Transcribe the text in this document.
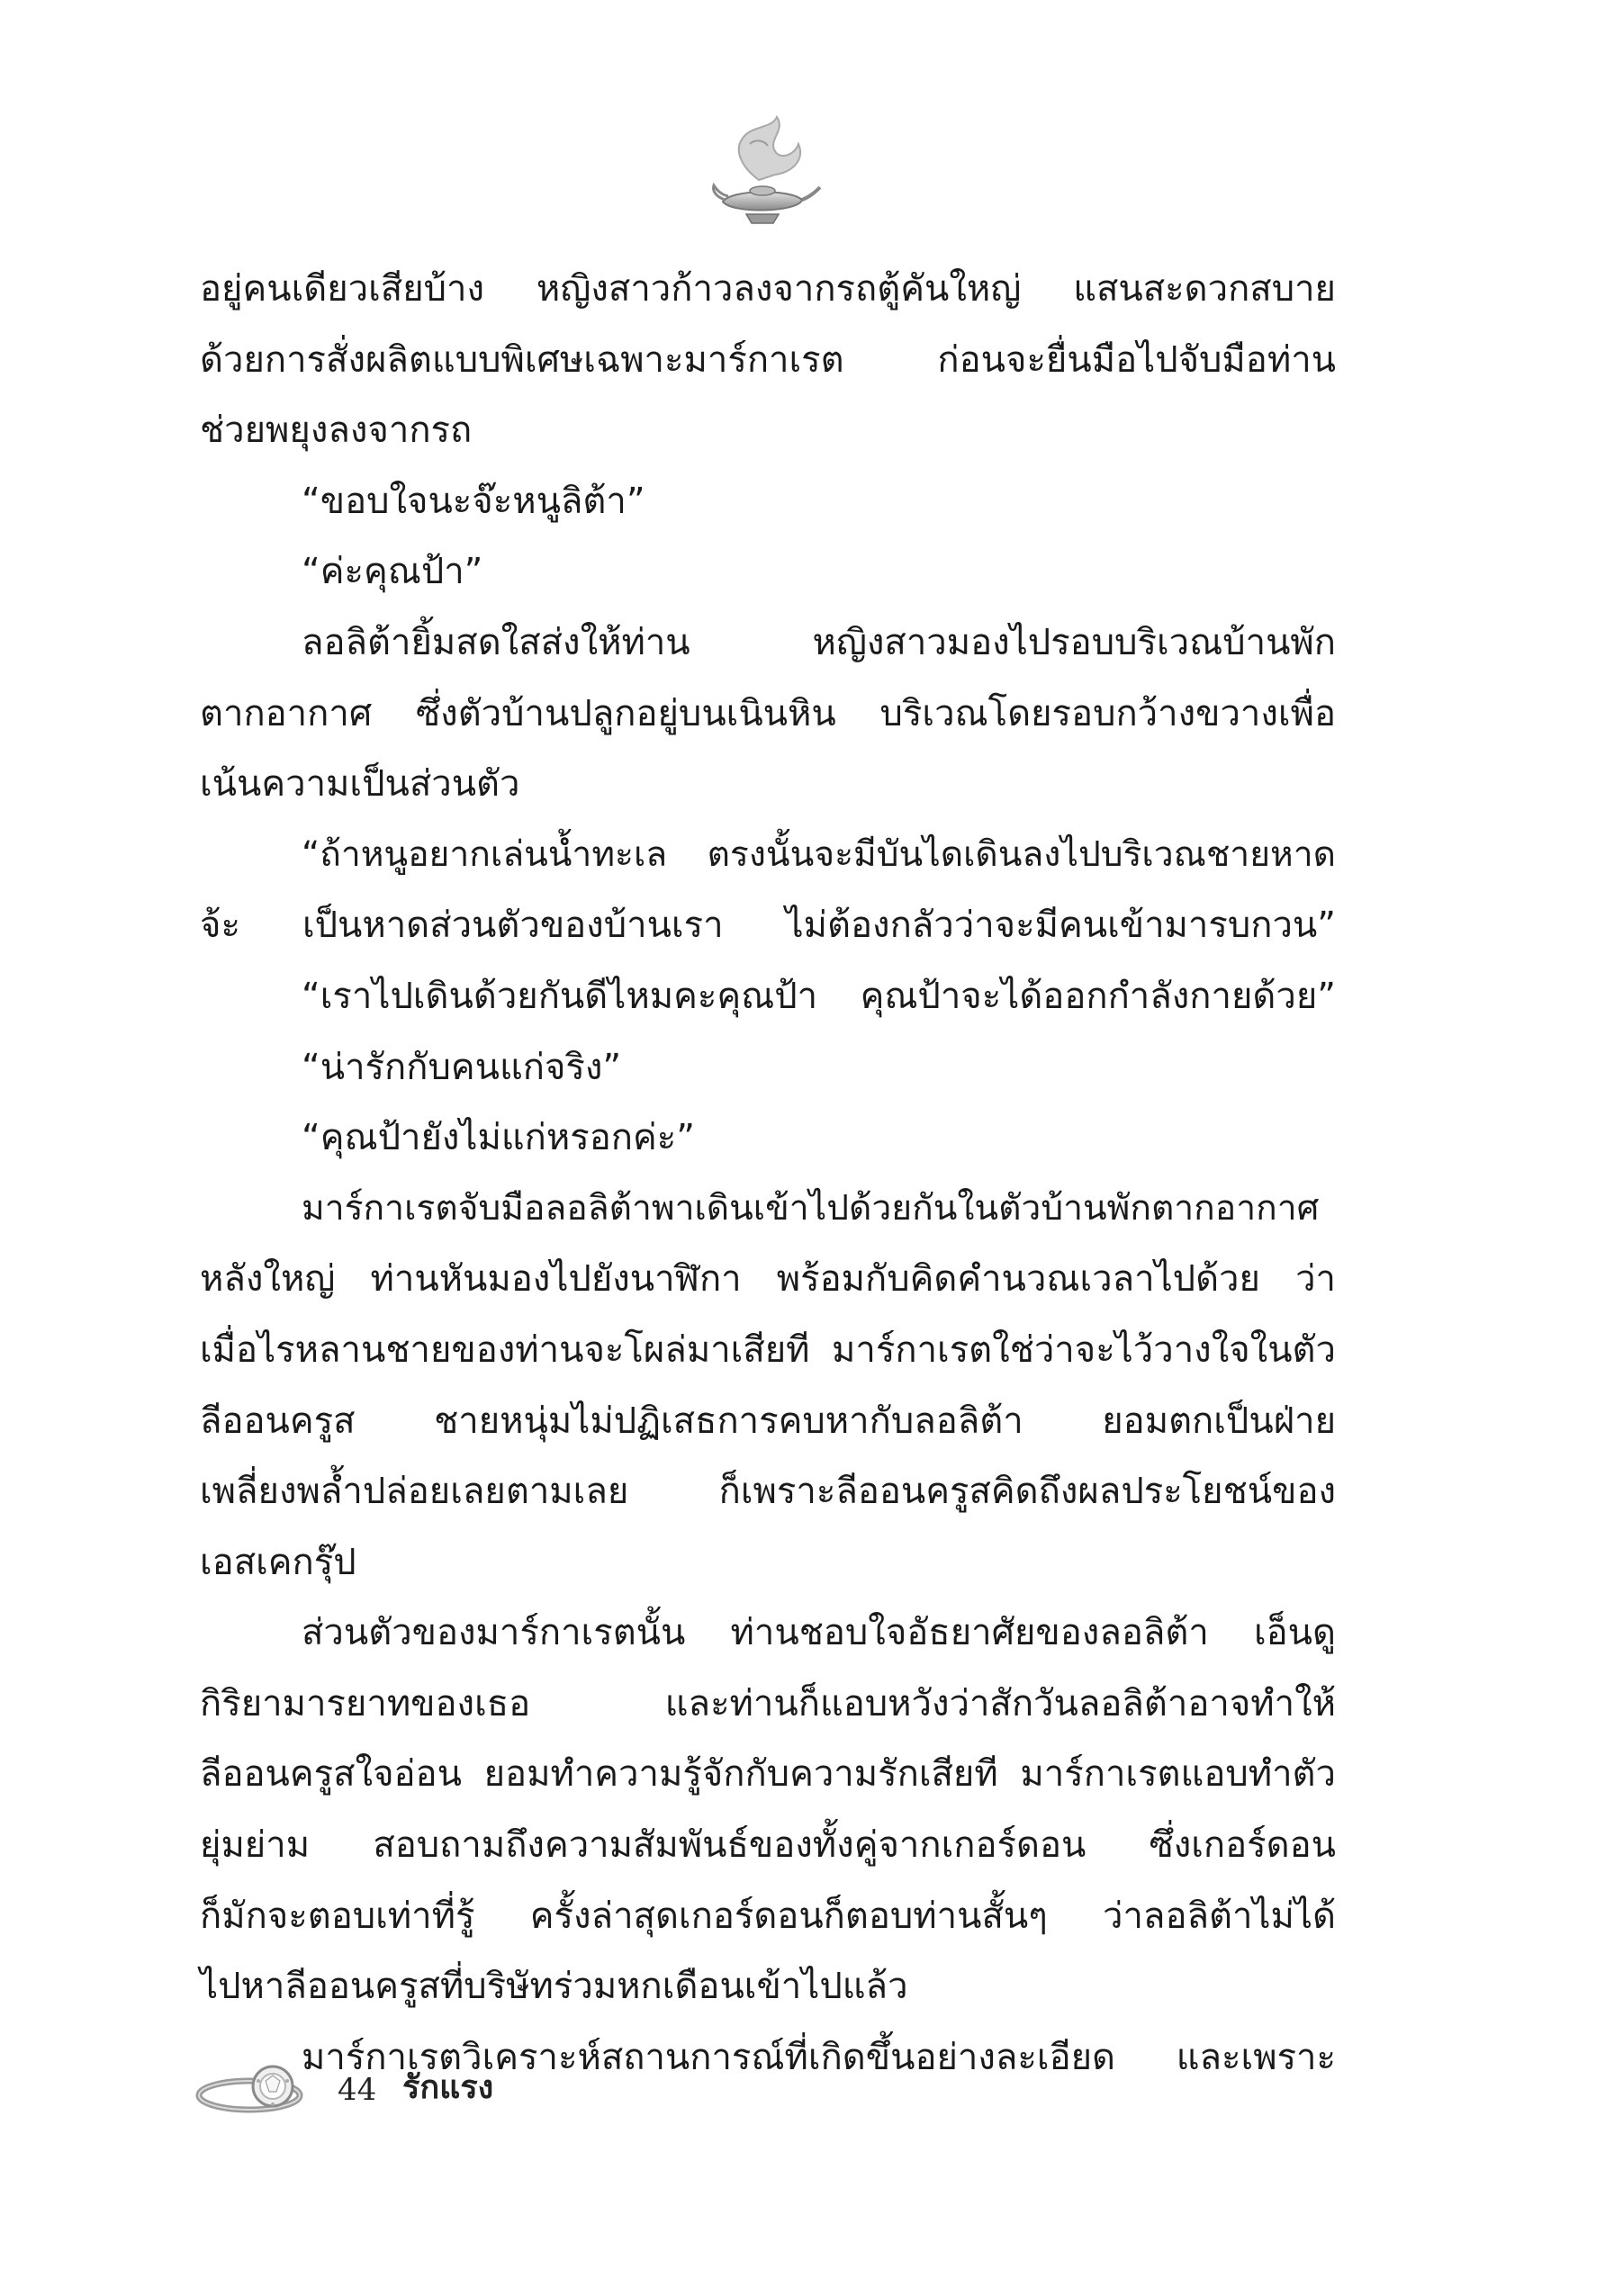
อยู่คนเดียวเสียบ้าง หญิงสาวก้าวลงจากรถตู้คันใหญ่ แสนสะดวกสบาย
ด้วยการสั่งผลิตแบบพิเศษเฉพาะมาร์กาเรต ก่อนจะยื่นมือไปจับมือท่าน
ช่วยพยุงลงจากรถ
“ขอบใจนะจ๊ะหนูลิต้า”
“ค่ะคุณป้า”
ลอลิต้ายิ้มสดใสส่งให้ท่าน หญิงสาวมองไปรอบบริเวณบ้านพัก
ตากอากาศ ซึ่งตัวบ้านปลูกอยู่บนเนินหิน บริเวณโดยรอบกว้างขวางเพื่อ
เน้นความเป็นส่วนตัว
“ถ้าหนูอยากเล่นน้ำทะเล ตรงนั้นจะมีบันไดเดินลงไปบริเวณชายหาด
จ้ะ เป็นหาดส่วนตัวของบ้านเรา ไม่ต้องกลัวว่าจะมีคนเข้ามารบกวน”
“เราไปเดินด้วยกันดีไหมคะคุณป้า คุณป้าจะได้ออกกำลังกายด้วย”
“น่ารักกับคนแก่จริง”
“คุณป้ายังไม่แก่หรอกค่ะ”
มาร์กาเรตจับมือลอลิต้าพาเดินเข้าไปด้วยกันในตัวบ้านพักตากอากาศ
หลังใหญ่ ท่านหันมองไปยังนาฬิกา พร้อมกับคิดคำนวณเวลาไปด้วย ว่า
เมื่อไรหลานชายของท่านจะโผล่มาเสียที มาร์กาเรตใช่ว่าจะไว้วางใจในตัว
ลีออนครูส ชายหนุ่มไม่ปฏิเสธการคบหากับลอลิต้า ยอมตกเป็นฝ่าย
เพลี่ยงพล้ำปล่อยเลยตามเลย ก็เพราะลีออนครูสคิดถึงผลประโยชน์ของ
เอสเคกรุ๊ป
ส่วนตัวของมาร์กาเรตนั้น ท่านชอบใจอัธยาศัยของลอลิต้า เอ็นดู
กิริยามารยาทของเธอ และท่านก็แอบหวังว่าสักวันลอลิต้าอาจทำให้
ลีออนครูสใจอ่อน ยอมทำความรู้จักกับความรักเสียที มาร์กาเรตแอบทำตัว
ยุ่มย่าม สอบถามถึงความสัมพันธ์ของทั้งคู่จากเกอร์ดอน ซึ่งเกอร์ดอน
ก็มักจะตอบเท่าที่รู้ ครั้งล่าสุดเกอร์ดอนก็ตอบท่านสั้นๆ ว่าลอลิต้าไม่ได้
ไปหาลีออนครูสที่บริษัทร่วมหกเดือนเข้าไปแล้ว
มาร์กาเรตวิเคราะห์สถานการณ์ที่เกิดขึ้นอย่างละเอียด และเพราะ
44 รักแรง
